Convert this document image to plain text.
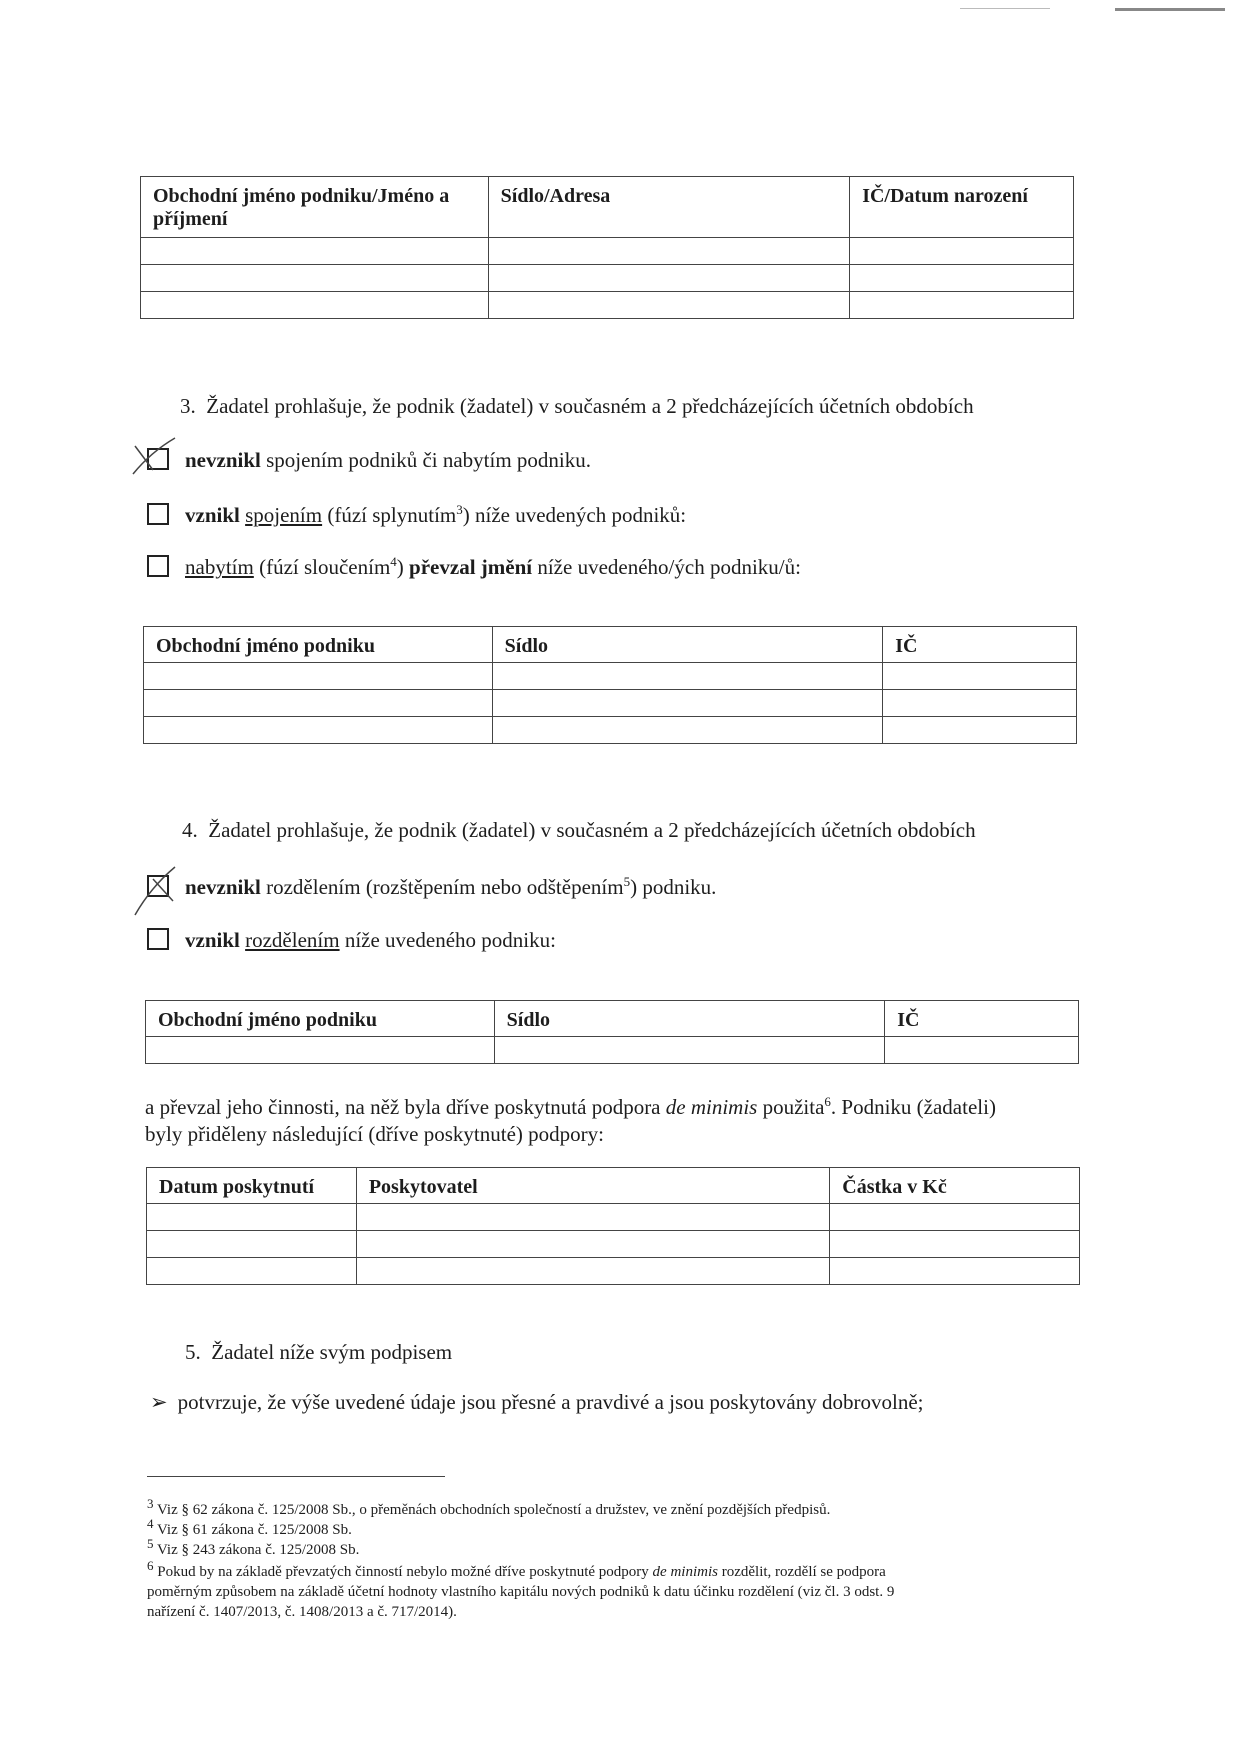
Obchodní jméno podniku/Jméno a příjmení	Sídlo/Adresa	IČ/Datum narození

3. Žadatel prohlašuje, že podnik (žadatel) v současném a 2 předcházejících účetních obdobích
nevznikl spojením podniků či nabytím podniku.
vznikl spojením (fúzí splynutím$^3$) níže uvedených podniků:
nabytím (fúzí sloučením$^4$) převzal jmění níže uvedeného/ých podniku/ů:
Obchodní jméno podniku	Sídlo	IČ

4. Žadatel prohlašuje, že podnik (žadatel) v současném a 2 předcházejících účetních obdobích
nevznikl rozdělením (rozštěpením nebo odštěpením$^5$) podniku.
vznikl rozdělením níže uvedeného podniku:
Obchodní jméno podniku	Sídlo	IČ

a převzal jeho činnosti, na něž byla dříve poskytnutá podpora de minimis použita$^6$. Podniku (žadateli)
byly přiděleny následující (dříve poskytnuté) podpory:
Datum poskytnutí	Poskytovatel	Částka v Kč

5. Žadatel níže svým podpisem
➢ potvrzuje, že výše uvedené údaje jsou přesné a pravdivé a jsou poskytovány dobrovolně;
$^3$ Viz § 62 zákona č. 125/2008 Sb., o přeměnách obchodních společností a družstev, ve znění pozdějších předpisů.
$^4$ Viz § 61 zákona č. 125/2008 Sb.
$^5$ Viz § 243 zákona č. 125/2008 Sb.
$^6$ Pokud by na základě převzatých činností nebylo možné dříve poskytnuté podpory de minimis rozdělit, rozdělí se podpora
poměrným způsobem na základě účetní hodnoty vlastního kapitálu nových podniků k datu účinku rozdělení (viz čl. 3 odst. 9
nařízení č. 1407/2013, č. 1408/2013 a č. 717/2014).
